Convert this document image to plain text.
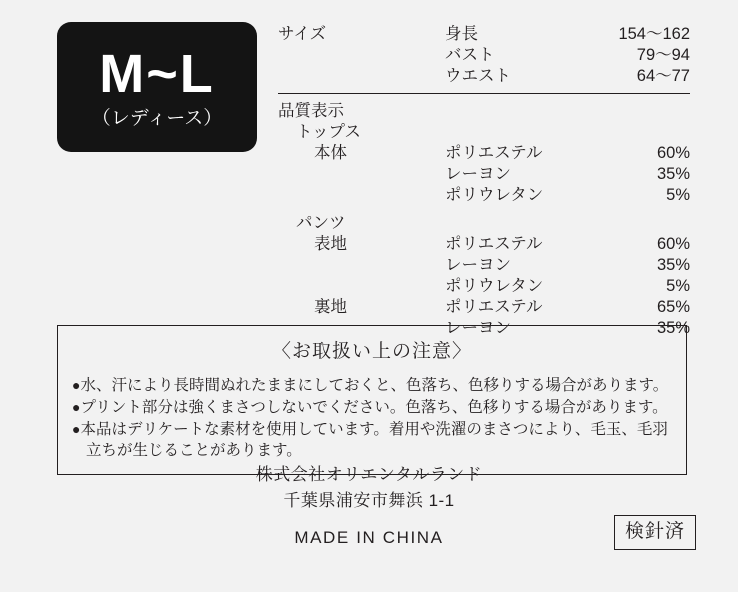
M~L
（レディース）
サイズ	身長	154〜162
	バスト	79〜94
	ウエスト	64〜77

品質表示		
トップス		
本体	ポリエステル	60%
	レーヨン	35%
	ポリウレタン	5%

パンツ		
表地	ポリエステル	60%
	レーヨン	35%
	ポリウレタン	5%
裏地	ポリエステル	65%
	レーヨン	35%
〈お取扱い上の注意〉
●水、汗により長時間ぬれたままにしておくと、色落ち、色移りする場合があります。
●プリント部分は強くまさつしないでください。色落ち、色移りする場合があります。
●本品はデリケートな素材を使用しています。着用や洗濯のまさつにより、毛玉、毛羽
立ちが生じることがあります。
株式会社オリエンタルランド
千葉県浦安市舞浜 1-1
MADE IN CHINA	検針済
